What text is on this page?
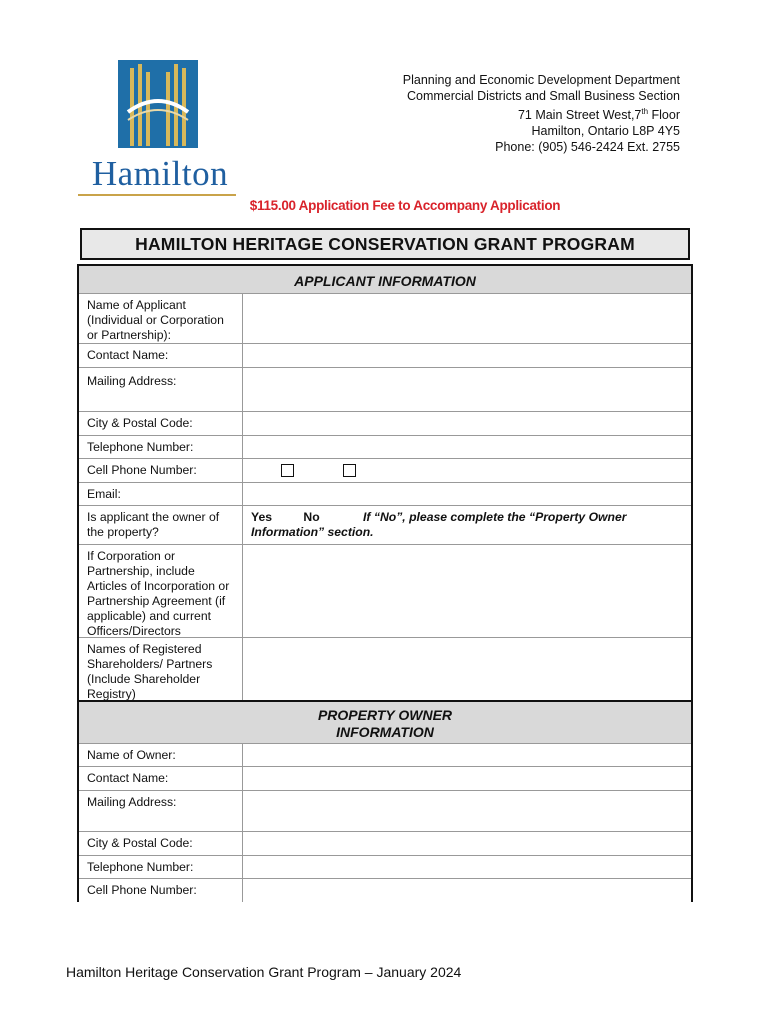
Hamilton
Planning and Economic Development Department
Commercial Districts and Small Business Section
71 Main Street West,7th Floor
Hamilton, Ontario L8P 4Y5
Phone: (905) 546-2424 Ext. 2755
$115.00 Application Fee to Accompany Application
HAMILTON HERITAGE CONSERVATION GRANT PROGRAM
APPLICANT INFORMATION
Name of Applicant (Individual or Corporation or Partnership):
Contact Name:
Mailing Address:
City & Postal Code:
Telephone Number:
Cell Phone Number:

Email:
Is applicant the owner of the property?
Yes	No	If “No”, please complete the “Property Owner Information” section.
If Corporation or Partnership, include Articles of Incorporation or Partnership Agreement (if applicable) and current Officers/Directors
Names of Registered Shareholders/ Partners (Include Shareholder Registry)
PROPERTY OWNER INFORMATION
Name of Owner:
Contact Name:
Mailing Address:
City & Postal Code:
Telephone Number:
Cell Phone Number:
Hamilton Heritage Conservation Grant Program – January 2024
